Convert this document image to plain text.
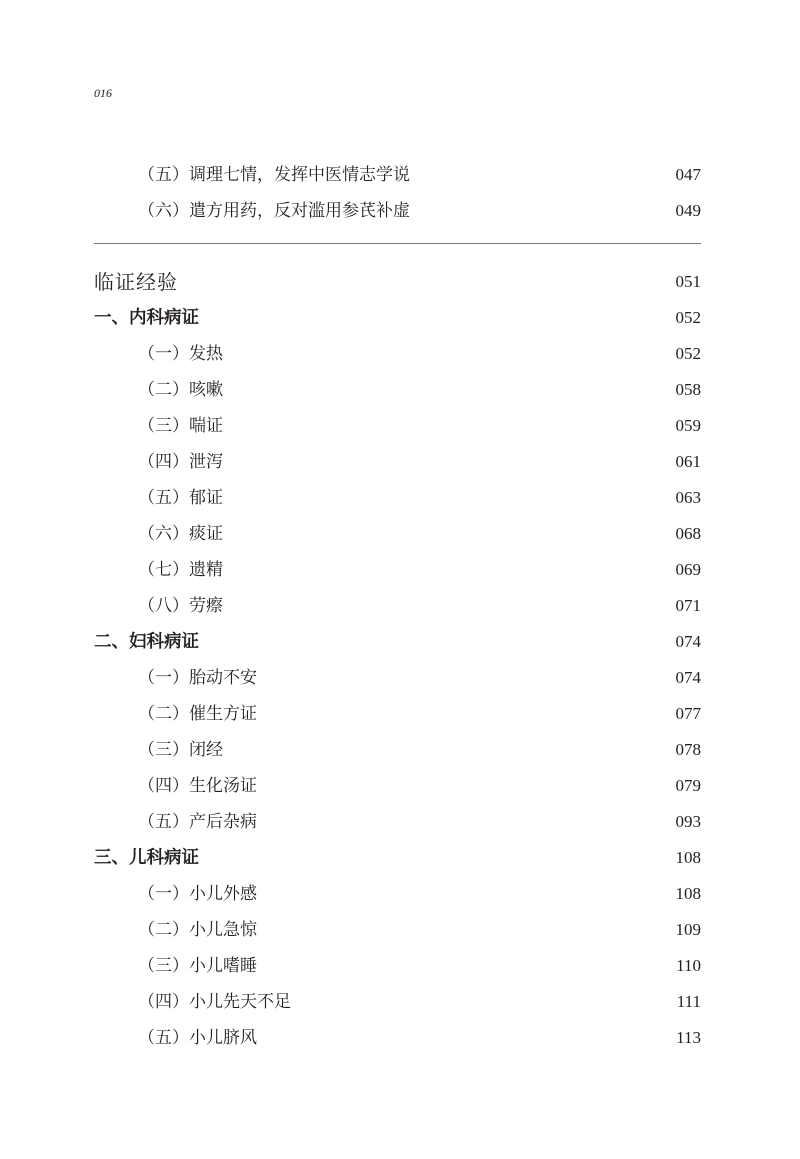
016
（五）调理七情，发挥中医情志学说	047
（六）遣方用药，反对滥用参芪补虚	049
临证经验	051
一、内科病证	052
（一）发热	052
（二）咳嗽	058
（三）喘证	059
（四）泄泻	061
（五）郁证	063
（六）痰证	068
（七）遗精	069
（八）劳瘵	071
二、妇科病证	074
（一）胎动不安	074
（二）催生方证	077
（三）闭经	078
（四）生化汤证	079
（五）产后杂病	093
三、儿科病证	108
（一）小儿外感	108
（二）小儿急惊	109
（三）小儿嗜睡	110
（四）小儿先天不足	111
（五）小儿脐风	113
